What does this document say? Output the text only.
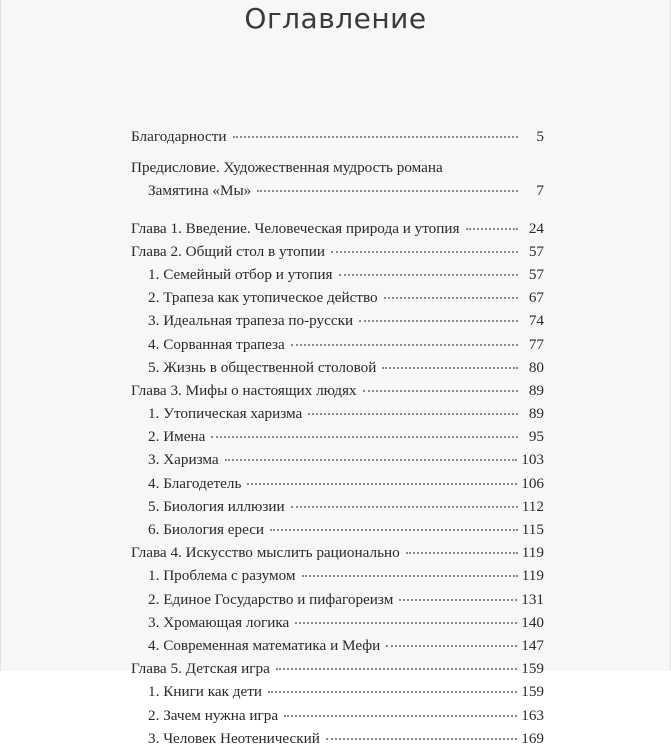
Оглавление
Благодарности	5
Предисловие. Художественная мудрость романа
Замятина «Мы»	7
Глава 1. Введение. Человеческая природа и утопия	24
Глава 2. Общий стол в утопии	57
1. Семейный отбор и утопия	57
2. Трапеза как утопическое действо	67
3. Идеальная трапеза по-русски	74
4. Сорванная трапеза	77
5. Жизнь в общественной столовой	80
Глава 3. Мифы о настоящих людях	89
1. Утопическая харизма	89
2. Имена	95
3. Харизма	103
4. Благодетель	106
5. Биология иллюзии	112
6. Биология ереси	115
Глава 4. Искусство мыслить рационально	119
1. Проблема с разумом	119
2. Единое Государство и пифагореизм	131
3. Хромающая логика	140
4. Современная математика и Мефи	147
Глава 5. Детская игра	159
1. Книги как дети	159
2. Зачем нужна игра	163
3. Человек Неотенический	169
